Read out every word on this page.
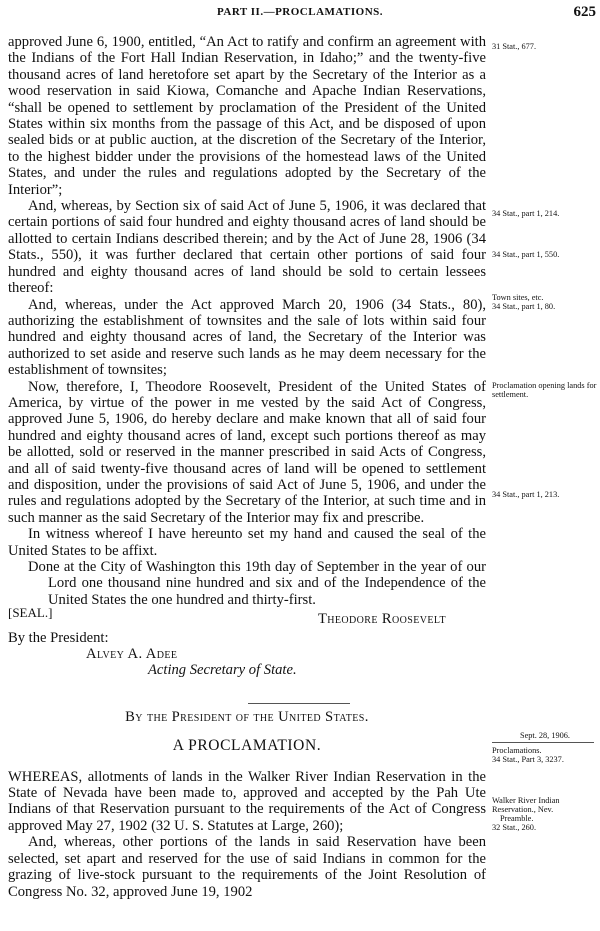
PART II.—PROCLAMATIONS.	625

approved June 6, 1900, entitled, “An Act to ratify and confirm an agreement with the Indians of the Fort Hall Indian Reservation, in Idaho;” and the twenty-five thousand acres of land heretofore set apart by the Secretary of the Interior as a wood reservation in said Kiowa, Comanche and Apache Indian Reservations, “shall be opened to settlement by proclamation of the President of the United States within six months from the passage of this Act, and be disposed of upon sealed bids or at public auction, at the discretion of the Secretary of the Interior, to the highest bidder under the provisions of the homestead laws of the United States, and under the rules and regulations adopted by the Secretary of the Interior”;

And, whereas, by Section six of said Act of June 5, 1906, it was declared that certain portions of said four hundred and eighty thousand acres of land should be allotted to certain Indians described therein; and by the Act of June 28, 1906 (34 Stats., 550), it was further declared that certain other portions of said four hundred and eighty thousand acres of land should be sold to certain lessees thereof:

And, whereas, under the Act approved March 20, 1906 (34 Stats., 80), authorizing the establishment of townsites and the sale of lots within said four hundred and eighty thousand acres of land, the Secretary of the Interior was authorized to set aside and reserve such lands as he may deem necessary for the establishment of townsites;

Now, therefore, I, Theodore Roosevelt, President of the United States of America, by virtue of the power in me vested by the said Act of Congress, approved June 5, 1906, do hereby declare and make known that all of said four hundred and eighty thousand acres of land, except such portions thereof as may be allotted, sold or reserved in the manner prescribed in said Acts of Congress, and all of said twenty-five thousand acres of land will be opened to settlement and disposition, under the provisions of said Act of June 5, 1906, and under the rules and regulations adopted by the Secretary of the Interior, at such time and in such manner as the said Secretary of the Interior may fix and prescribe.

In witness whereof I have hereunto set my hand and caused the seal of the United States to be affixt.

Done at the City of Washington this 19th day of September in the year of our Lord one thousand nine hundred and six and of the Independence of the United States the one hundred and thirty-first.

Theodore Roosevelt
By the President:
Alvey A. Adee
Acting Secretary of State.
By the President of the United States.
A PROCLAMATION.

WHEREAS, allotments of lands in the Walker River Indian Reservation in the State of Nevada have been made to, approved and accepted by the Pah Ute Indians of that Reservation pursuant to the requirements of the Act of Congress approved May 27, 1902 (32 U. S. Statutes at Large, 260);

And, whereas, other portions of the lands in said Reservation have been selected, set apart and reserved for the use of said Indians in common for the grazing of live-stock pursuant to the requirements of the Joint Resolution of Congress No. 32, approved June 19, 1902

[SEAL.]
31 Stat., 677.
34 Stat., part 1, 214.
34 Stat., part 1, 550.
Town sites, etc.
34 Stat., part 1, 80.
Proclamation opening lands for settlement.
34 Stat., part 1, 213.
Sept. 28, 1906.
Proclamations.
34 Stat., Part 3, 3237.
Walker River Indian Reservation., Nev.
Preamble.
32 Stat., 260.
